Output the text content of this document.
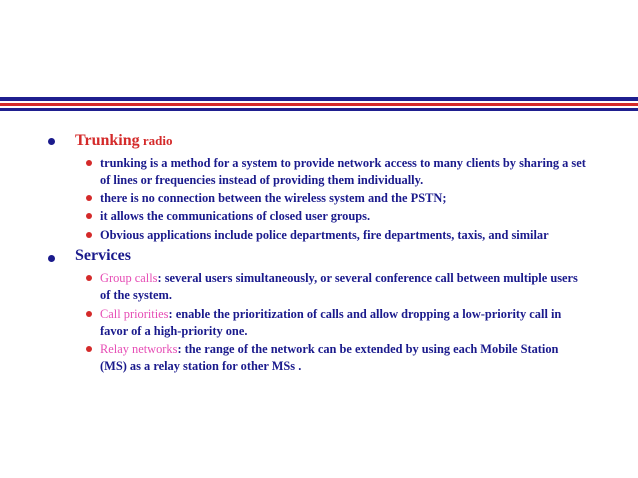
Trunking radio
trunking is a method for a system to provide network access to many clients by sharing a set of lines or frequencies instead of providing them individually.
there is no connection between the wireless system and the PSTN;
it allows the communications of closed user groups.
Obvious applications include police departments, fire departments, taxis, and similar
Services
Group calls: several users simultaneously, or several conference call between multiple users of the system.
Call priorities: enable the prioritization of calls and allow dropping a low-priority call in favor of a high-priority one.
Relay networks: the range of the network can be extended by using each Mobile Station (MS) as a relay station for other MSs .
